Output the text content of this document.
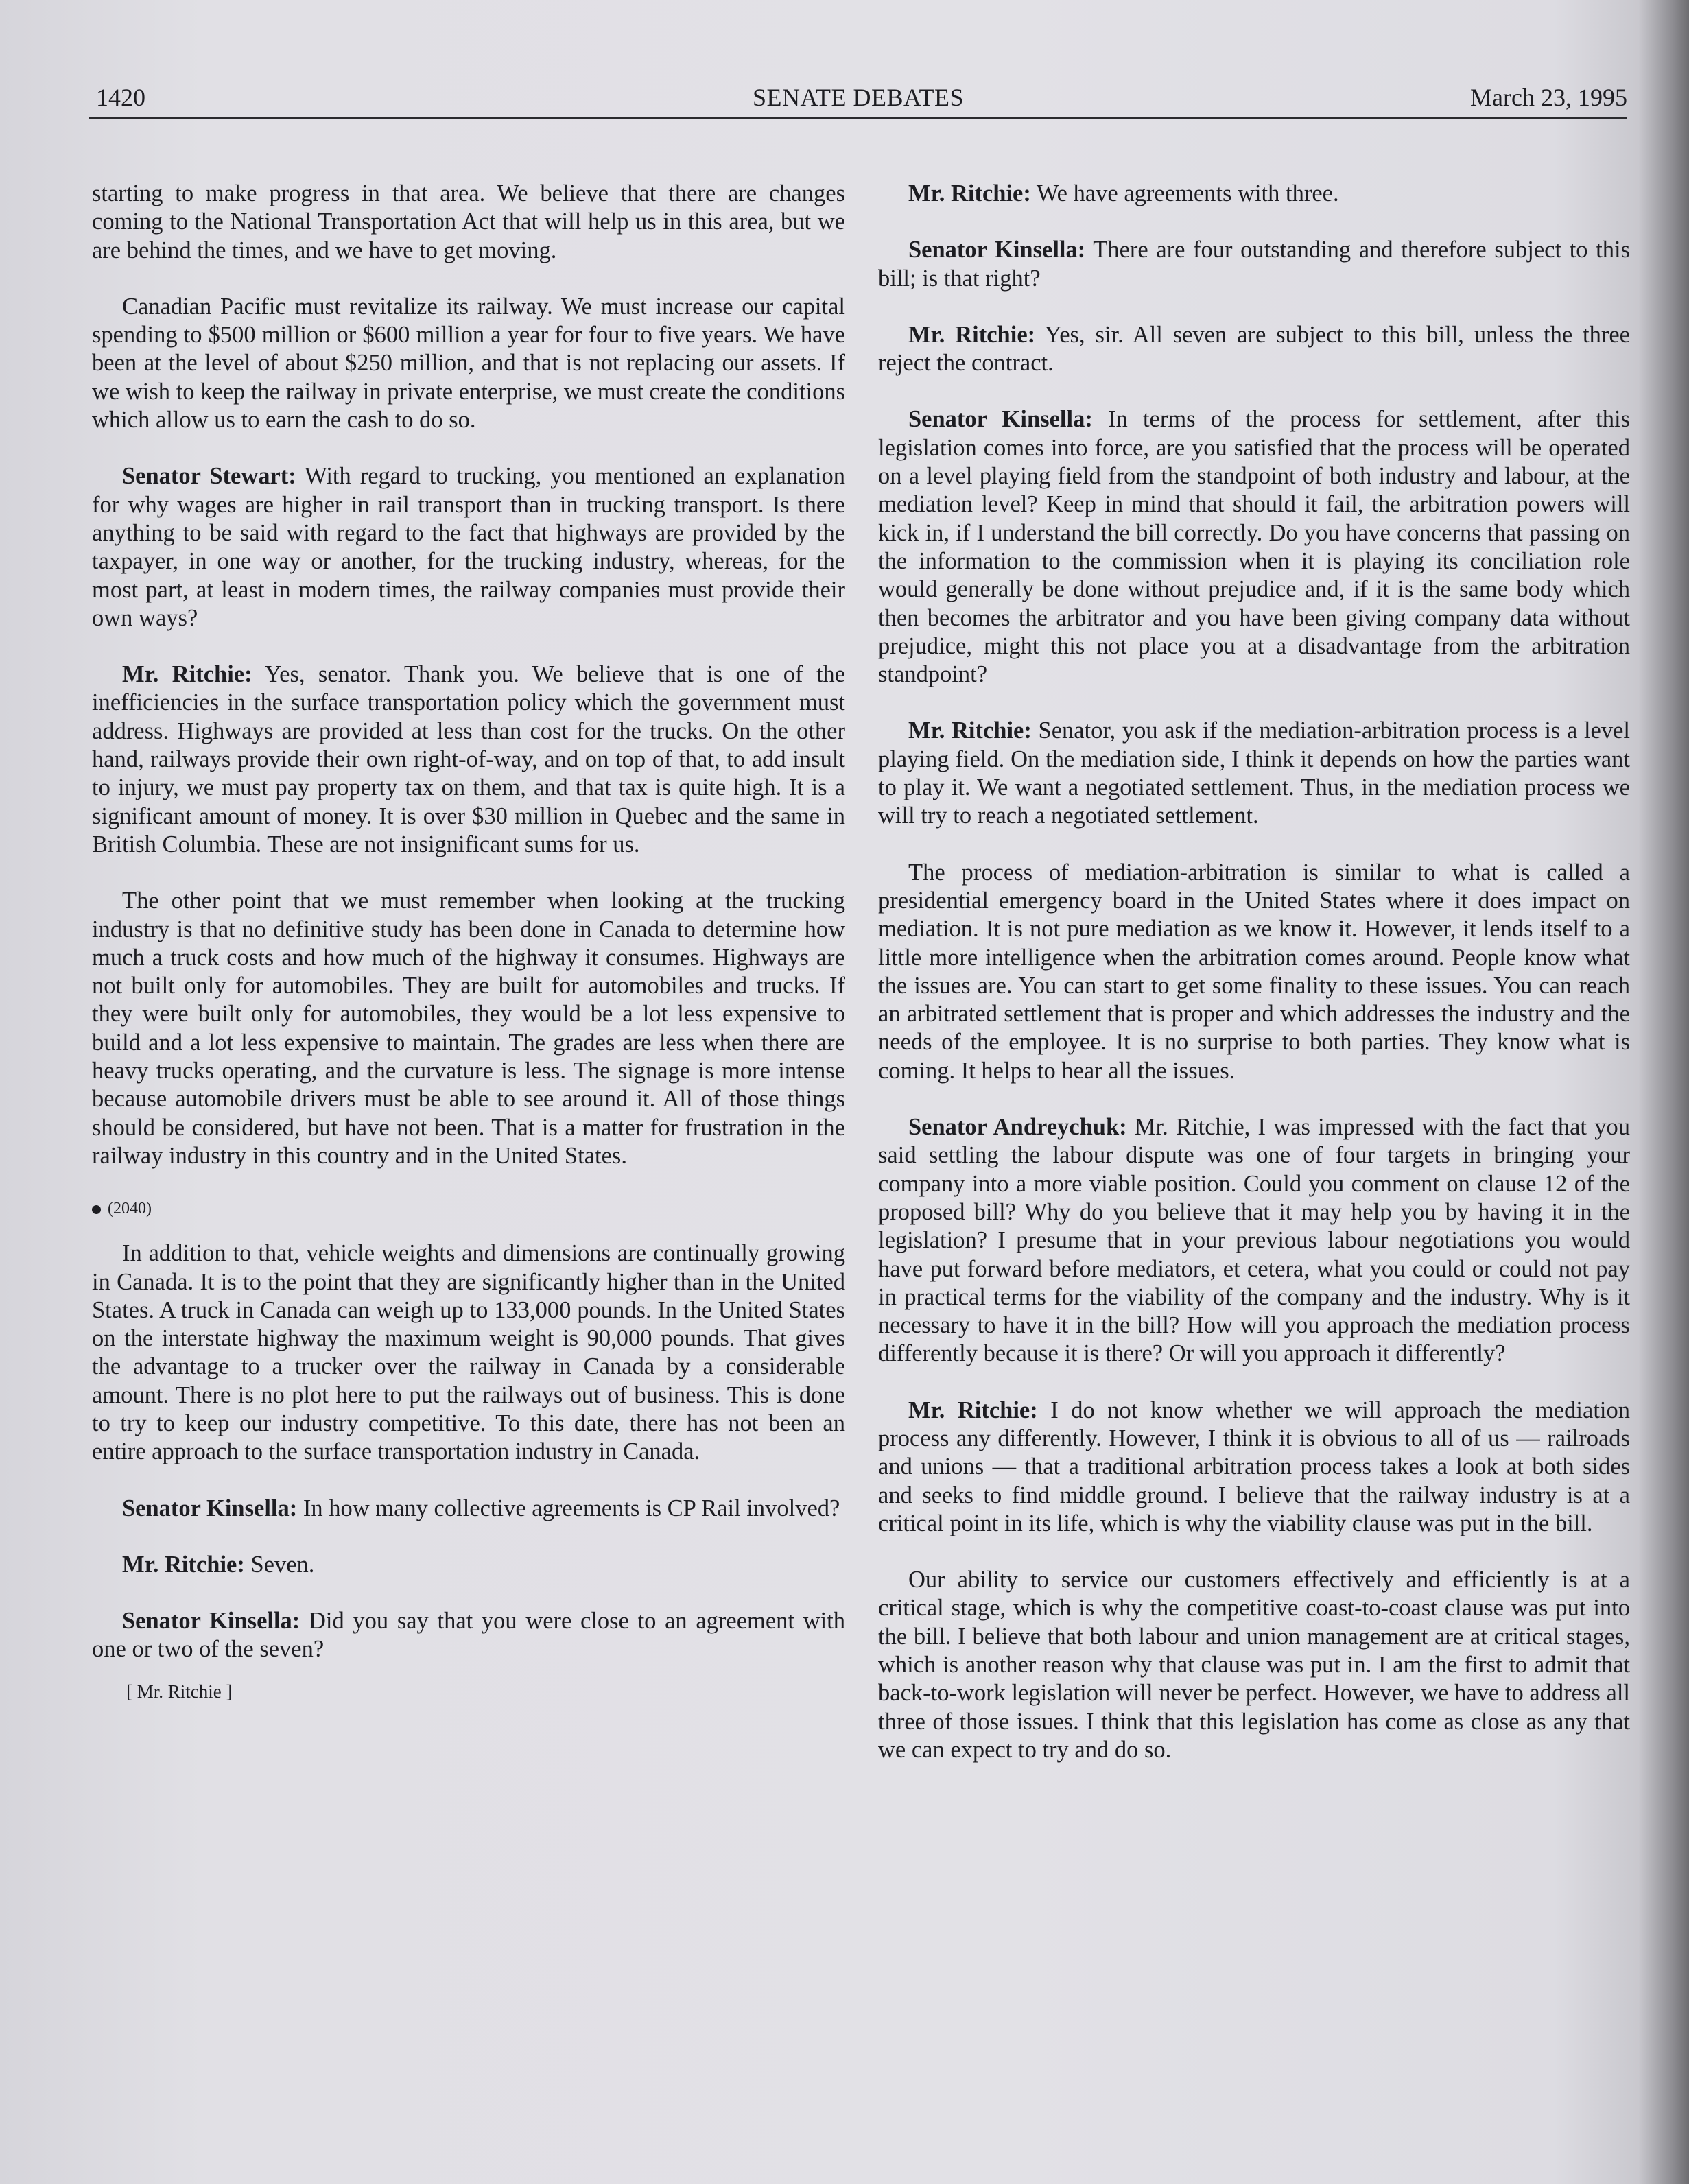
1420	SENATE DEBATES	March 23, 1995

starting to make progress in that area. We believe that there are changes coming to the National Transportation Act that will help us in this area, but we are behind the times, and we have to get moving.

Canadian Pacific must revitalize its railway. We must increase our capital spending to $500 million or $600 million a year for four to five years. We have been at the level of about $250 million, and that is not replacing our assets. If we wish to keep the railway in private enterprise, we must create the conditions which allow us to earn the cash to do so.

Senator Stewart: With regard to trucking, you mentioned an explanation for why wages are higher in rail transport than in trucking transport. Is there anything to be said with regard to the fact that highways are provided by the taxpayer, in one way or another, for the trucking industry, whereas, for the most part, at least in modern times, the railway companies must provide their own ways?

Mr. Ritchie: Yes, senator. Thank you. We believe that is one of the inefficiencies in the surface transportation policy which the government must address. Highways are provided at less than cost for the trucks. On the other hand, railways provide their own right-of-way, and on top of that, to add insult to injury, we must pay property tax on them, and that tax is quite high. It is a significant amount of money. It is over $30 million in Quebec and the same in British Columbia. These are not insignificant sums for us.

The other point that we must remember when looking at the trucking industry is that no definitive study has been done in Canada to determine how much a truck costs and how much of the highway it consumes. Highways are not built only for automobiles. They are built for automobiles and trucks. If they were built only for automobiles, they would be a lot less expensive to build and a lot less expensive to maintain. The grades are less when there are heavy trucks operating, and the curvature is less. The signage is more intense because automobile drivers must be able to see around it. All of those things should be considered, but have not been. That is a matter for frustration in the railway industry in this country and in the United States.

(2040)

In addition to that, vehicle weights and dimensions are continually growing in Canada. It is to the point that they are significantly higher than in the United States. A truck in Canada can weigh up to 133,000 pounds. In the United States on the interstate highway the maximum weight is 90,000 pounds. That gives the advantage to a trucker over the railway in Canada by a considerable amount. There is no plot here to put the railways out of business. This is done to try to keep our industry competitive. To this date, there has not been an entire approach to the surface transportation industry in Canada.

Senator Kinsella: In how many collective agreements is CP Rail involved?

Mr. Ritchie: Seven.

Senator Kinsella: Did you say that you were close to an agreement with one or two of the seven?

[ Mr. Ritchie ]

Mr. Ritchie: We have agreements with three.

Senator Kinsella: There are four outstanding and therefore subject to this bill; is that right?

Mr. Ritchie: Yes, sir. All seven are subject to this bill, unless the three reject the contract.

Senator Kinsella: In terms of the process for settlement, after this legislation comes into force, are you satisfied that the process will be operated on a level playing field from the standpoint of both industry and labour, at the mediation level? Keep in mind that should it fail, the arbitration powers will kick in, if I understand the bill correctly. Do you have concerns that passing on the information to the commission when it is playing its conciliation role would generally be done without prejudice and, if it is the same body which then becomes the arbitrator and you have been giving company data without prejudice, might this not place you at a disadvantage from the arbitration standpoint?

Mr. Ritchie: Senator, you ask if the mediation-arbitration process is a level playing field. On the mediation side, I think it depends on how the parties want to play it. We want a negotiated settlement. Thus, in the mediation process we will try to reach a negotiated settlement.

The process of mediation-arbitration is similar to what is called a presidential emergency board in the United States where it does impact on mediation. It is not pure mediation as we know it. However, it lends itself to a little more intelligence when the arbitration comes around. People know what the issues are. You can start to get some finality to these issues. You can reach an arbitrated settlement that is proper and which addresses the industry and the needs of the employee. It is no surprise to both parties. They know what is coming. It helps to hear all the issues.

Senator Andreychuk: Mr. Ritchie, I was impressed with the fact that you said settling the labour dispute was one of four targets in bringing your company into a more viable position. Could you comment on clause 12 of the proposed bill? Why do you believe that it may help you by having it in the legislation? I presume that in your previous labour negotiations you would have put forward before mediators, et cetera, what you could or could not pay in practical terms for the viability of the company and the industry. Why is it necessary to have it in the bill? How will you approach the mediation process differently because it is there? Or will you approach it differently?

Mr. Ritchie: I do not know whether we will approach the mediation process any differently. However, I think it is obvious to all of us — railroads and unions — that a traditional arbitration process takes a look at both sides and seeks to find middle ground. I believe that the railway industry is at a critical point in its life, which is why the viability clause was put in the bill.

Our ability to service our customers effectively and efficiently is at a critical stage, which is why the competitive coast-to-coast clause was put into the bill. I believe that both labour and union management are at critical stages, which is another reason why that clause was put in. I am the first to admit that back-to-work legislation will never be perfect. However, we have to address all three of those issues. I think that this legislation has come as close as any that we can expect to try and do so.
